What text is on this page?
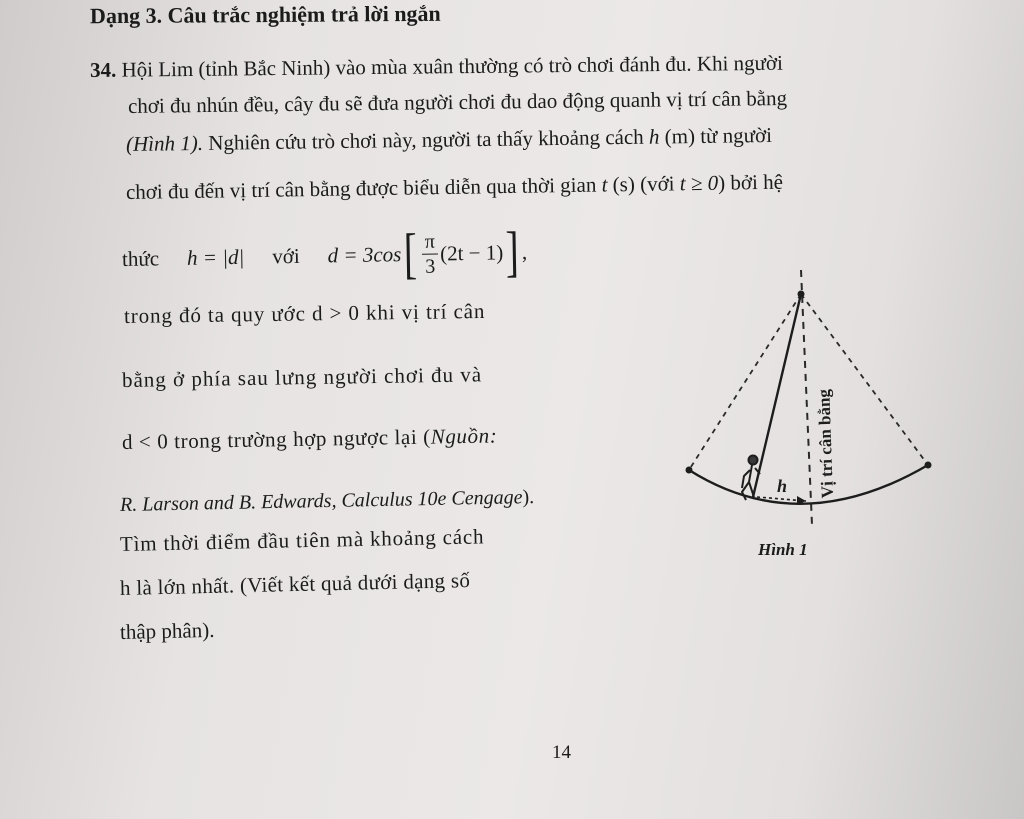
Dạng 3. Câu trắc nghiệm trả lời ngắn
34. Hội Lim (tỉnh Bắc Ninh) vào mùa xuân thường có trò chơi đánh đu. Khi người
chơi đu nhún đều, cây đu sẽ đưa người chơi đu dao động quanh vị trí cân bằng
(Hình 1). Nghiên cứu trò chơi này, người ta thấy khoảng cách h (m) từ người
chơi đu đến vị trí cân bằng được biểu diễn qua thời gian t (s) (với t ≥ 0) bởi hệ
thức h = |d| với d = 3cos [ $\frac{\pi}{3} (2t - 1)$ ] ,
trong đó ta quy ước d > 0 khi vị trí cân
bằng ở phía sau lưng người chơi đu và
d < 0 trong trường hợp ngược lại (Nguồn:
R. Larson and B. Edwards, Calculus 10e Cengage).
Tìm thời điểm đầu tiên mà khoảng cách
h là lớn nhất. (Viết kết quả dưới dạng số
thập phân).
h Vị trí cân bằng
Hình 1
14
